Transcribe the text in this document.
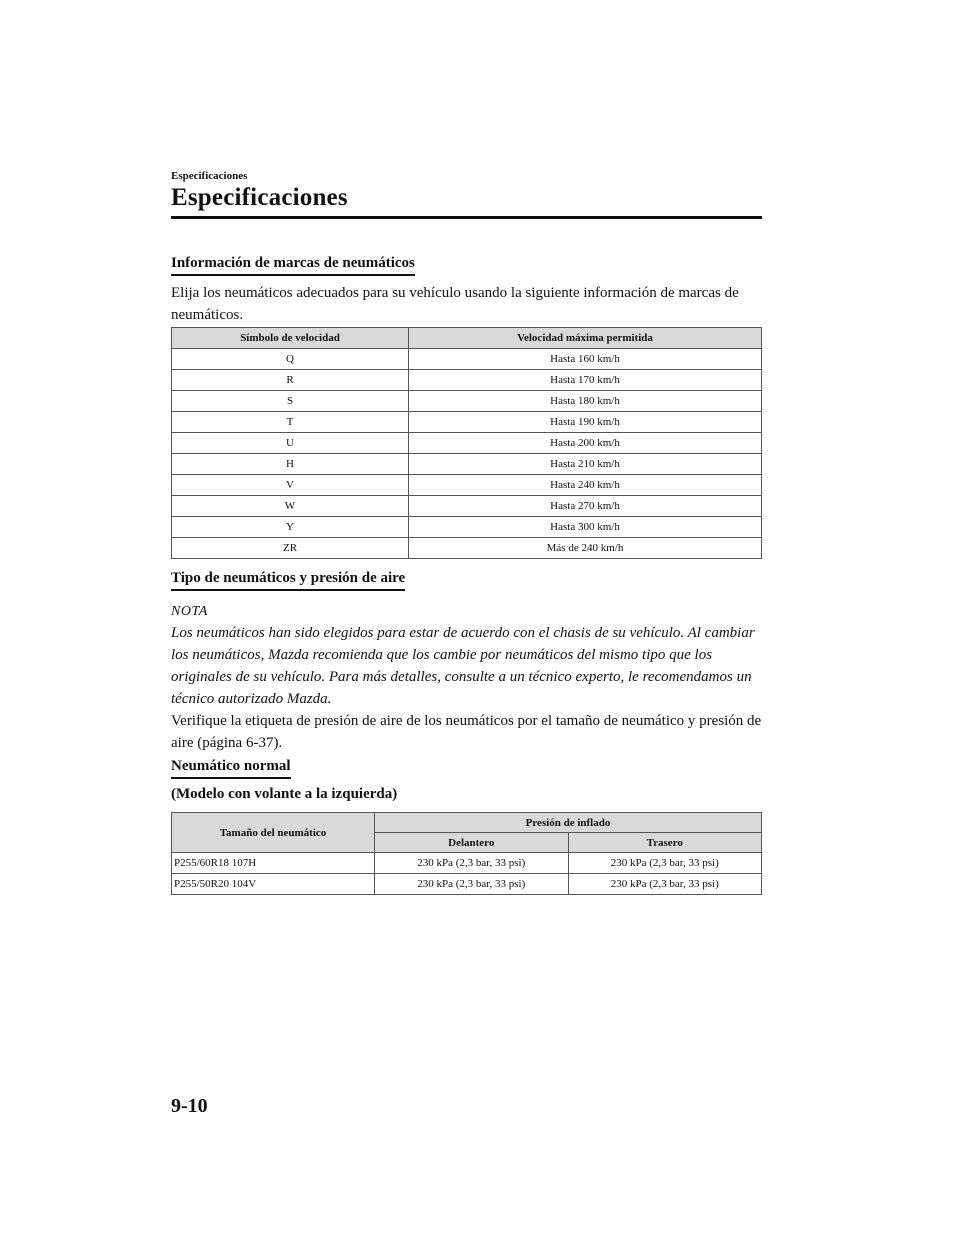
Especificaciones
Especificaciones
Información de marcas de neumáticos
Elija los neumáticos adecuados para su vehículo usando la siguiente información de marcas de neumáticos.
Símbolo de velocidad	Velocidad máxima permitida
Q	Hasta 160 km/h
R	Hasta 170 km/h
S	Hasta 180 km/h
T	Hasta 190 km/h
U	Hasta 200 km/h
H	Hasta 210 km/h
V	Hasta 240 km/h
W	Hasta 270 km/h
Y	Hasta 300 km/h
ZR	Más de 240 km/h
Tipo de neumáticos y presión de aire
NOTA
Los neumáticos han sido elegidos para estar de acuerdo con el chasis de su vehículo. Al cambiar los neumáticos, Mazda recomienda que los cambie por neumáticos del mismo tipo que los originales de su vehículo. Para más detalles, consulte a un técnico experto, le recomendamos un técnico autorizado Mazda.
Verifique la etiqueta de presión de aire de los neumáticos por el tamaño de neumático y presión de aire (página 6-37).
Neumático normal
(Modelo con volante a la izquierda)
Tamaño del neumático	Presión de inflado	
	Delantero	Trasero
P255/60R18 107H	230 kPa (2,3 bar, 33 psi)	230 kPa (2,3 bar, 33 psi)
P255/50R20 104V	230 kPa (2,3 bar, 33 psi)	230 kPa (2,3 bar, 33 psi)
9-10
